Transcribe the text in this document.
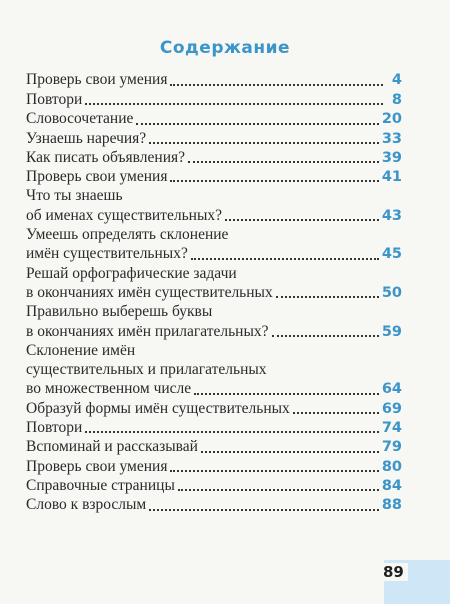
Содержание
Проверь свои умения	4
Повтори	8
Словосочетание	20
Узнаешь наречия?	33
Как писать объявления?	39
Проверь свои умения	41
Что ты знаешь
об именах существительных?	43
Умеешь определять склонение
имён существительных?	45
Решай орфографические задачи
в окончаниях имён существительных	50
Правильно выберешь буквы
в окончаниях имён прилагательных?	59
Склонение имён
существительных и прилагательных
во множественном числе	64
Образуй формы имён существительных	69
Повтори	74
Вспоминай и рассказывай	79
Проверь свои умения	80
Справочные страницы	84
Слово к взрослым	88
89
